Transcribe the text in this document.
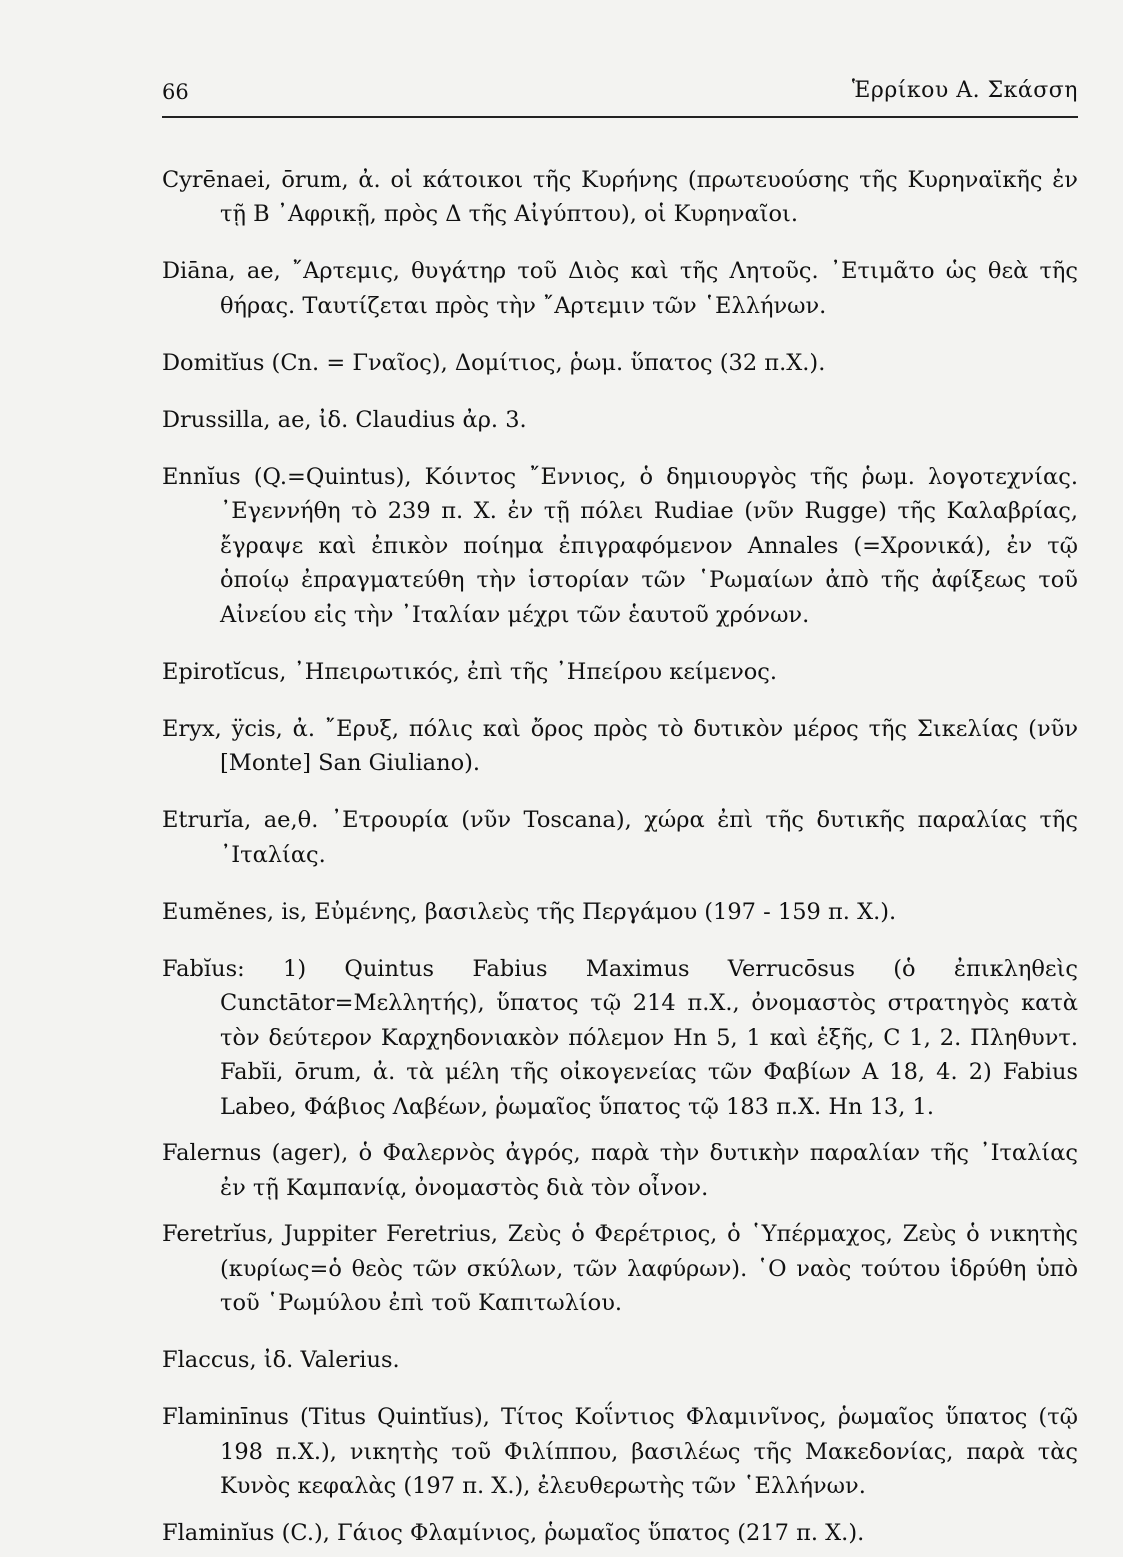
66	Ἑρρίκου Α. Σκάσση

Cyrēnaei, ōrum, ἀ. οἱ κάτοικοι τῆς Κυρήνης (πρωτευούσης τῆς Κυρηναϊκῆς ἐν τῇ Β ᾿Αφρικῇ, πρὸς Δ τῆς Αἰγύπτου), οἱ Κυρηναῖοι.

Diāna, ae, ῎Αρτεμις, θυγάτηρ τοῦ Διὸς καὶ τῆς Λητοῦς. ᾿Ετιμᾶτο ὡς θεὰ τῆς θήρας. Ταυτίζεται πρὸς τὴν ῎Αρτεμιν τῶν ῾Ελλήνων.

Domitĭus (Cn. = Γναῖος), Δομίτιος, ῥωμ. ὕπατος (32 π.Χ.).

Drussilla, ae, ἰδ. Claudius ἀρ. 3.

Ennĭus (Q.=Quintus), Κόιντος ῎Εννιος, ὁ δημιουργὸς τῆς ῥωμ. λογοτεχνίας. ᾿Εγεννήθη τὸ 239 π. Χ. ἐν τῇ πόλει Rudiae (νῦν Rugge) τῆς Καλαβρίας, ἔγραψε καὶ ἐπικὸν ποίημα ἐπιγραφόμενον Annales (=Χρονικά), ἐν τῷ ὁποίῳ ἐπραγματεύθη τὴν ἱστορίαν τῶν ῾Ρωμαίων ἀπὸ τῆς ἀφίξεως τοῦ Αἰνείου εἰς τὴν ᾿Ιταλίαν μέχρι τῶν ἑαυτοῦ χρόνων.

Epirotĭcus, ᾿Ηπειρωτικός, ἐπὶ τῆς ᾿Ηπείρου κείμενος.

Eryx, ÿcis, ἀ. ῎Ερυξ, πόλις καὶ ὄρος πρὸς τὸ δυτικὸν μέρος τῆς Σικελίας (νῦν [Monte] San Giuliano).

Etrurĭa, ae,θ. ᾿Ετρουρία (νῦν Toscana), χώρα ἐπὶ τῆς δυτικῆς παραλίας τῆς ᾿Ιταλίας.

Eumĕnes, is, Εὐμένης, βασιλεὺς τῆς Περγάμου (197 - 159 π. Χ.).

Fabĭus: 1) Quintus Fabius Maximus Verrucōsus (ὁ ἐπικληθεὶς Cunctātor=Μελλητής), ὕπατος τῷ 214 π.Χ., ὀνομαστὸς στρατηγὸς κατὰ τὸν δεύτερον Καρχηδονιακὸν πόλεμον Hn 5, 1 καὶ ἑξῆς, C 1, 2. Πληθυντ. Fabĭi, ōrum, ἀ. τὰ μέλη τῆς οἰκογενείας τῶν Φαβίων A 18, 4. 2) Fabius Labeo, Φάβιος Λαβέων, ῥωμαῖος ὕπατος τῷ 183 π.Χ. Hn 13, 1.

Falernus (ager), ὁ Φαλερνὸς ἀγρός, παρὰ τὴν δυτικὴν παραλίαν τῆς ᾿Ιταλίας ἐν τῇ Καμπανίᾳ, ὀνομαστὸς διὰ τὸν οἶνον.

Feretrĭus, Juppiter Feretrius, Ζεὺς ὁ Φερέτριος, ὁ ῾Υπέρμαχος, Ζεὺς ὁ νικητὴς (κυρίως=ὁ θεὸς τῶν σκύλων, τῶν λαφύρων). ῾Ο ναὸς τούτου ἱδρύθη ὑπὸ τοῦ ῾Ρωμύλου ἐπὶ τοῦ Καπιτωλίου.

Flaccus, ἰδ. Valerius.

Flaminīnus (Titus Quintĭus), Τίτος Κοΐντιος Φλαμινῖνος, ῥωμαῖος ὕπατος (τῷ 198 π.Χ.), νικητὴς τοῦ Φιλίππου, βασιλέως τῆς Μακεδονίας, παρὰ τὰς Κυνὸς κεφαλὰς (197 π. Χ.), ἐλευθερωτὴς τῶν ῾Ελλήνων.

Flaminĭus (C.), Γάιος Φλαμίνιος, ῥωμαῖος ὕπατος (217 π. Χ.).
